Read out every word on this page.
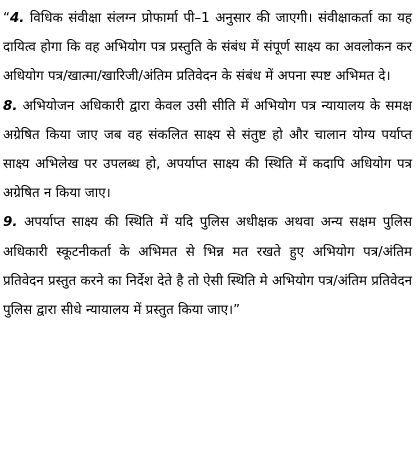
“4. विधिक संवीक्षा संलग्न प्रोफार्मा पी–1 अनुसार की जाएगी। संवीक्षाकर्ता का यह दायित्व होगा कि वह अभियोग पत्र प्रस्तुति के संबंध में संपूर्ण साक्ष्य का अवलोकन कर अधियोग पत्र/खात्मा/खारिजी/अंतिम प्रतिवेदन के संबंध में अपना स्पष्ट अभिमत दे।

8. अभियोजन अधिकारी द्वारा केवल उसी सीति में अभियोग पत्र न्यायालय के समक्ष अग्रेषित किया जाए जब वह संकलित साक्ष्य से संतुष्ट हो और चालान योग्य पर्याप्त साक्ष्य अभिलेख पर उपलब्ध हो, अपर्याप्त साक्ष्य की स्थिति में कदापि अधियोग पत्र अग्रेषित न किया जाए।

9. अपर्याप्त साक्ष्य की स्थिति में यदि पुलिस अधीक्षक अथवा अन्य सक्षम पुलिस अधिकारी स्कूटनीकर्ता के अभिमत से भिन्न मत रखते हुए अभियोग पत्र/अंतिम प्रतिवेदन प्रस्तुत करने का निर्देश देते है तो ऐसी स्थिति मे अभियोग पत्र/अंतिम प्रतिवेदन पुलिस द्वारा सीधे न्यायालय में प्रस्तुत किया जाए।”
